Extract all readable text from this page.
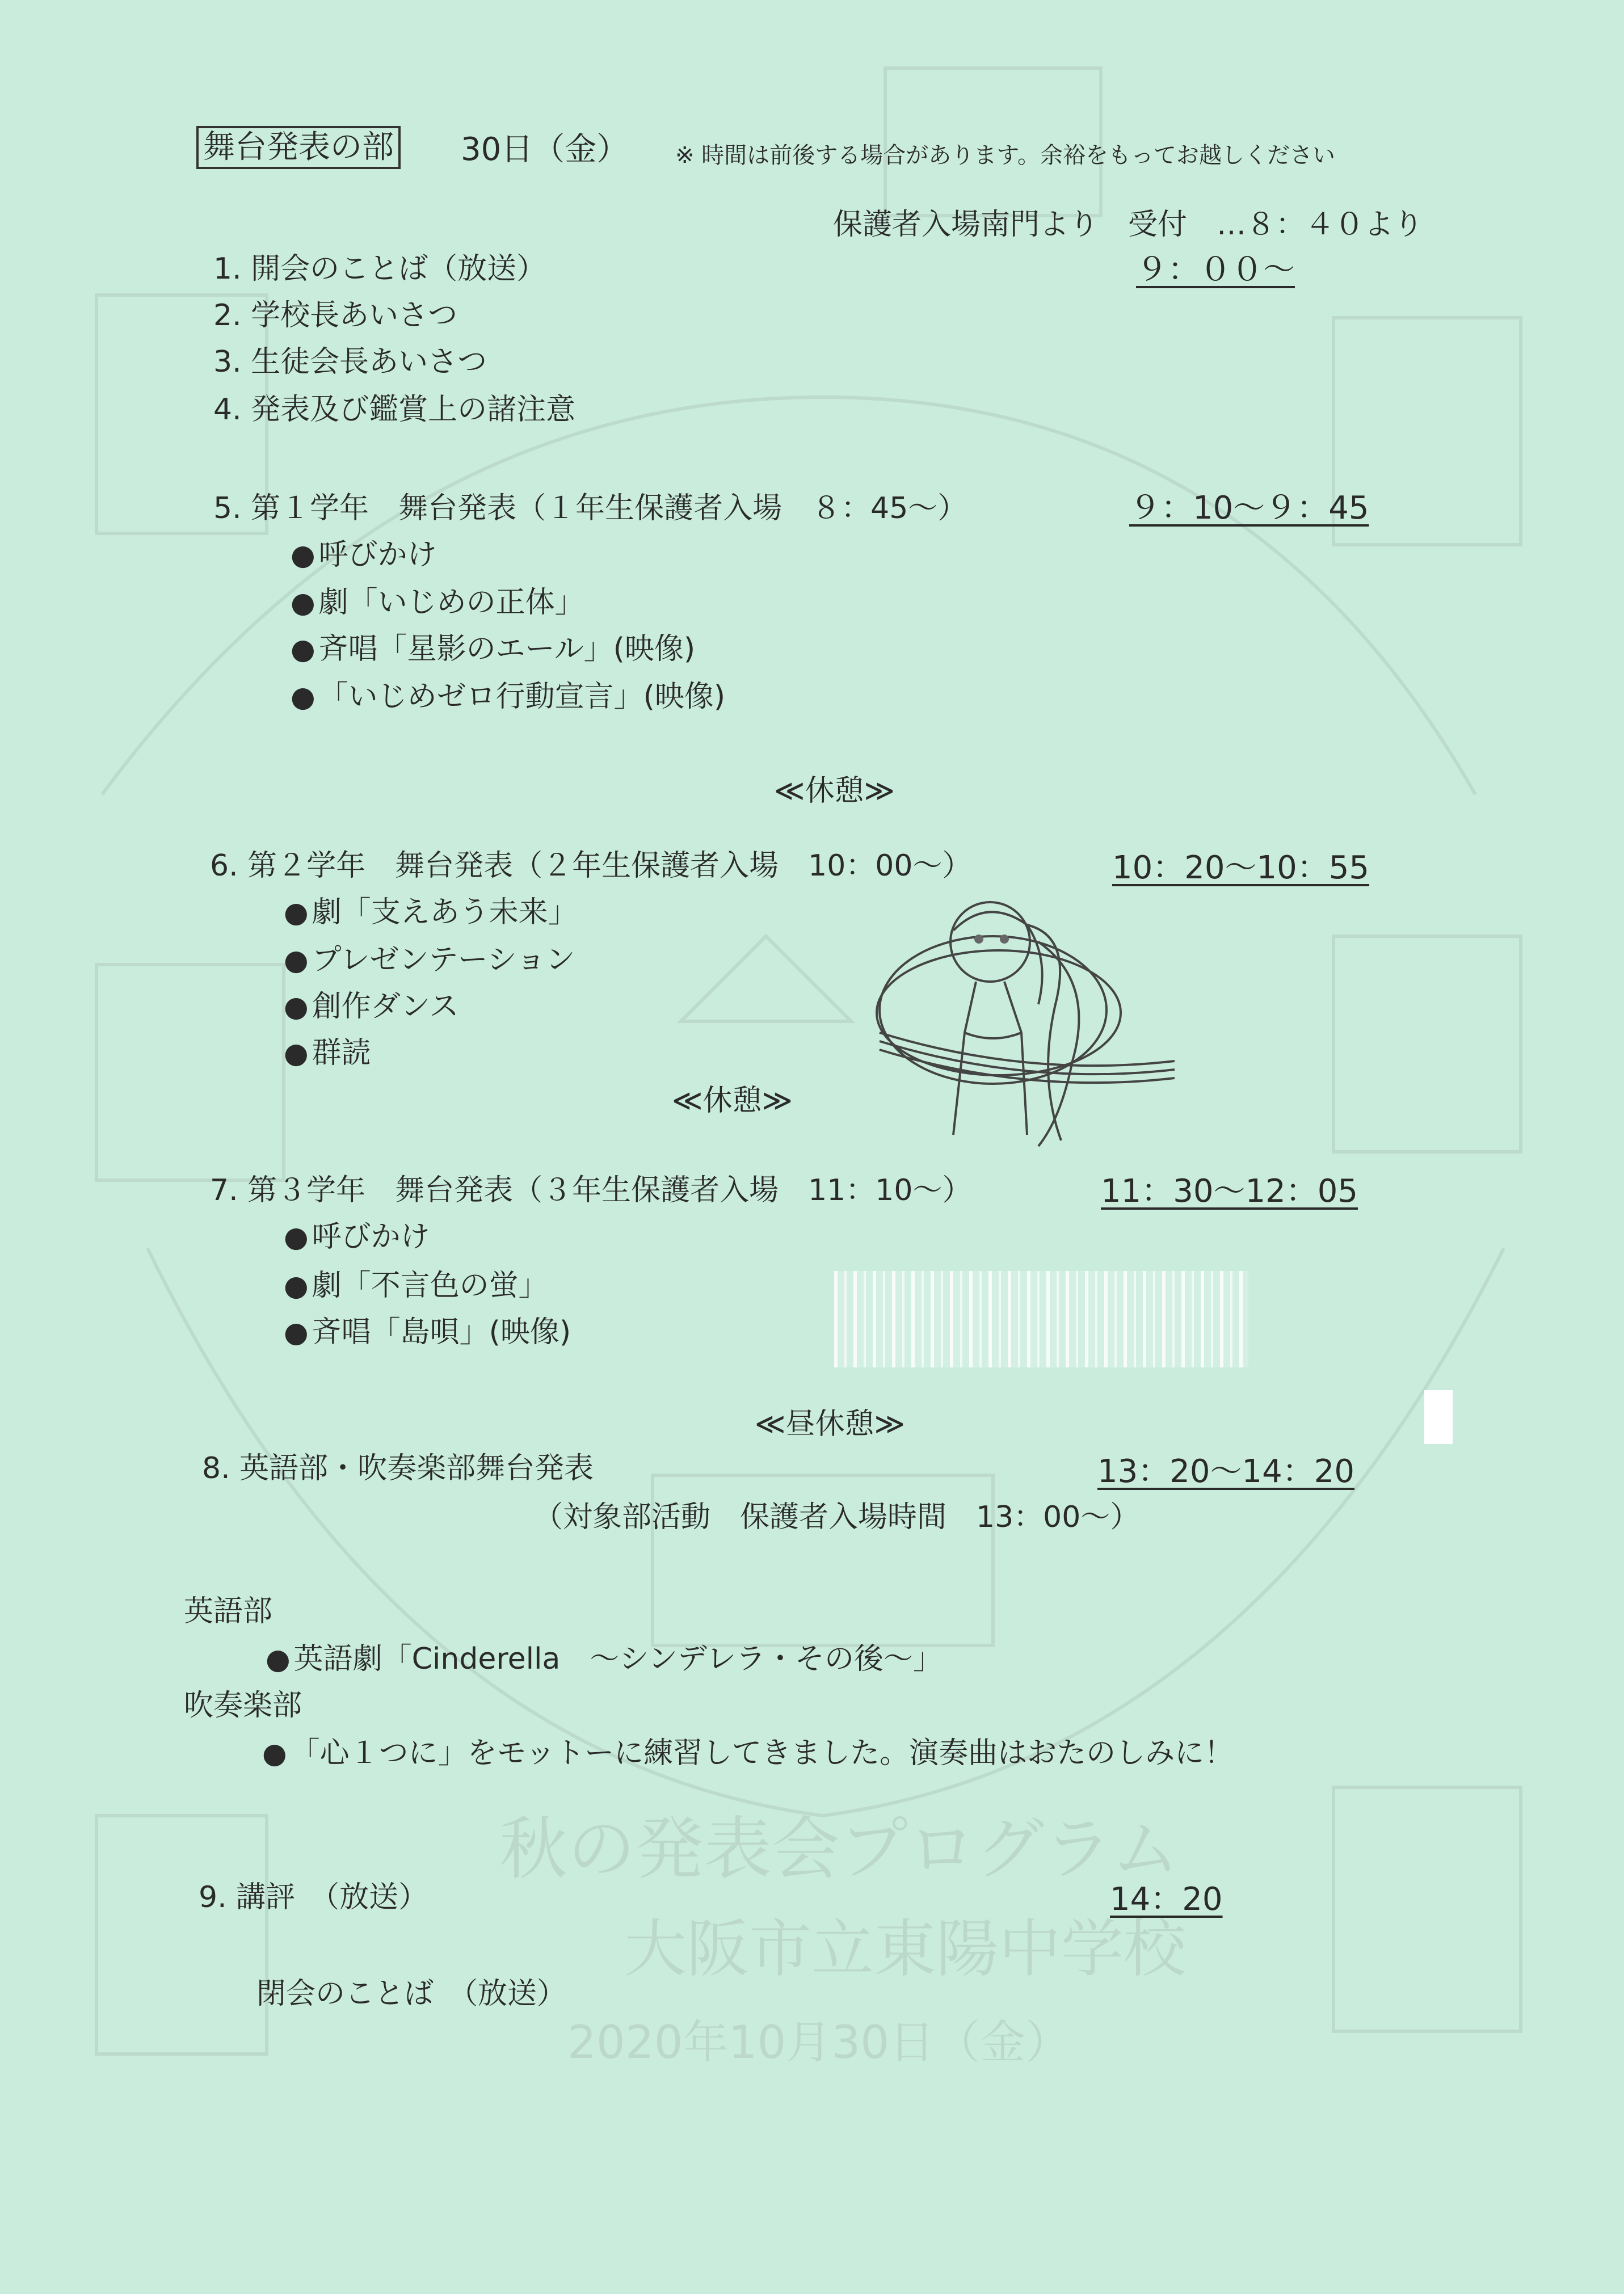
秋の発表会プログラム
大阪市立東陽中学校
2020年10月30日（金）
舞台発表の部 30日（金） ※ 時間は前後する場合があります。余裕をもってお越しください
保護者入場南門より　受付　…８：４０より
1. 開会のことば（放送）	９：００～
2. 学校長あいさつ
3. 生徒会長あいさつ
4. 発表及び鑑賞上の諸注意
5. 第１学年　舞台発表（１年生保護者入場　８：45～）	９：10～９：45
● 呼びかけ
● 劇「いじめの正体」
● 斉唱「星影のエール」(映像)
● 「いじめゼロ行動宣言」(映像)
≪休憩≫
6. 第２学年　舞台発表（２年生保護者入場　10：00～）	10：20～10：55
● 劇「支えあう未来」
● プレゼンテーション
● 創作ダンス
● 群読
≪休憩≫
7. 第３学年　舞台発表（３年生保護者入場　11：10～）	11：30～12：05
● 呼びかけ
● 劇「不言色の蛍」
● 斉唱「島唄」(映像)
≪昼休憩≫
8. 英語部・吹奏楽部舞台発表	13：20～14：20
（対象部活動　保護者入場時間　13：00～）
英語部
● 英語劇「Cinderella　～シンデレラ・その後～」
吹奏楽部
● 「心１つに」をモットーに練習してきました。演奏曲はおたのしみに！
9. 講評　（放送）	14：20
閉会のことば　（放送）
